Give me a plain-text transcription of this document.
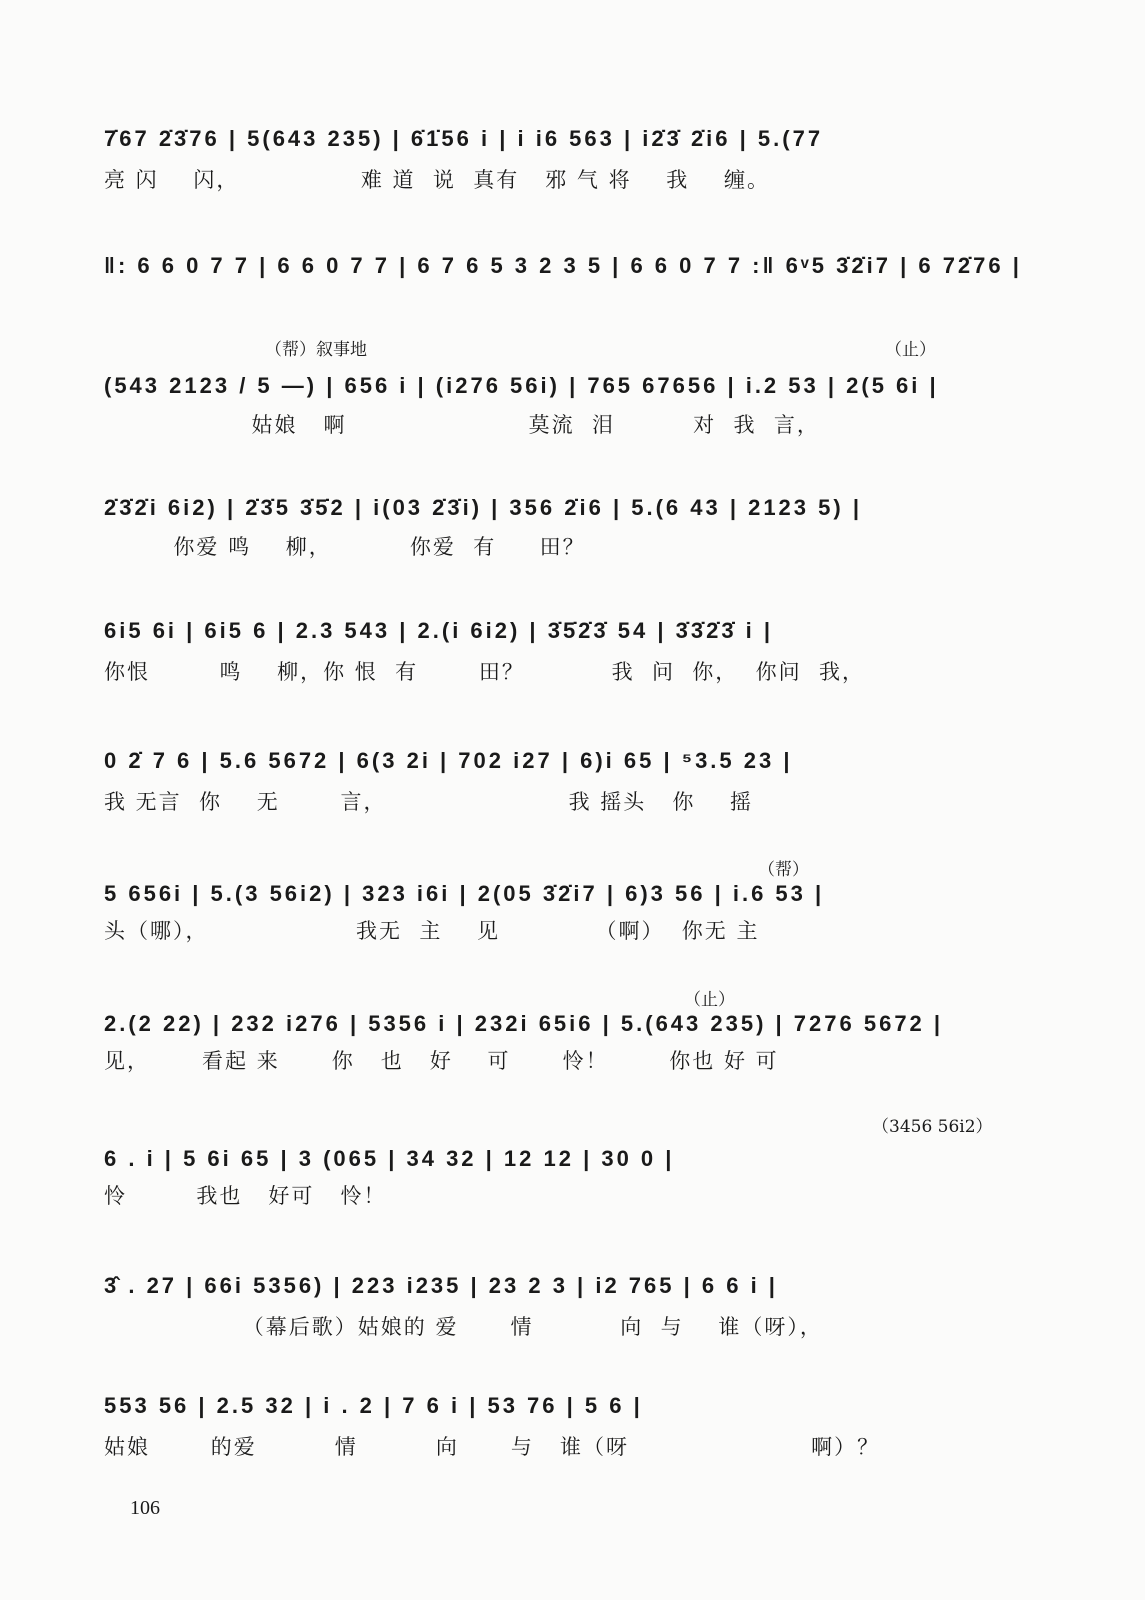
7̇67 2̇3̇76 | 5(643 235) | 6̇1̇56 i | i i6 563 | i2̇3̇ 2̇i6 | 5.(77
亮 闪    闪，              难 道  说  真有   邪 气 将    我    缠。
‖: 6 6 0 7 7 | 6 6 0 7 7 | 6 7 6 5 3 2 3 5 | 6 6 0 7 7 :‖ 6ᵛ5 3̇2̇i7 | 6 72̇76 |
（帮）叙事地	（止）
(543 2123 / 5 —) | 656 i | (i276 56i) | 765 67656 | i.2 53 | 2(5 6i |
姑娘   啊                     莫流  泪         对  我  言，
2̇3̇2̇i 6i2) | 2̇3̇5 3̇5̇2 | i(03 2̇3̇i) | 356 2̇i6 | 5.(6 43 | 2123 5) |
你爱 鸣    柳，         你爱  有     田？
6i5 6i | 6i5 6 | 2.3 543 | 2.(i 6i2) | 3̇5̇2̇3̇ 54 | 3̇3̇2̇3̇ i |
你恨        鸣    柳，你 恨  有       田？          我  问  你，  你问  我，
0 2̇ 7 6 | 5.6 5672 | 6(3 2i | 702 i27 | 6)i 65 | ⁵3.5 23 |
我 无言  你    无       言，                     我 摇头   你    摇
（帮）
5 656i | 5.(3 56i2) | 323 i6i | 2(05 3̇2̇i7 | 6)3 56 | i.6 53 |
头（哪），                 我无  主    见           （啊）  你无 主
（止）
2.(2 22) | 232 i276 | 5356 i | 232i 65i6 | 5.(643 235) | 7276 5672 |
见，      看起 来      你   也   好    可      怜！       你也 好 可
（3456 56i2）
6 . i | 5 6i 65 | 3 (065 | 34 32 | 12 12 | 30 0 |
怜        我也   好可   怜！
3̂ . 27 | 66i 5356) | 223 i235 | 23 2 3 | i2 765 | 6 6 i |
（幕后歌）姑娘的 爱      情          向  与    谁（呀），
553 56 | 2.5 32 | i . 2 | 7 6 i | 53 76 | 5 6 |
姑娘       的爱         情         向      与   谁（呀                     啊）？
106
